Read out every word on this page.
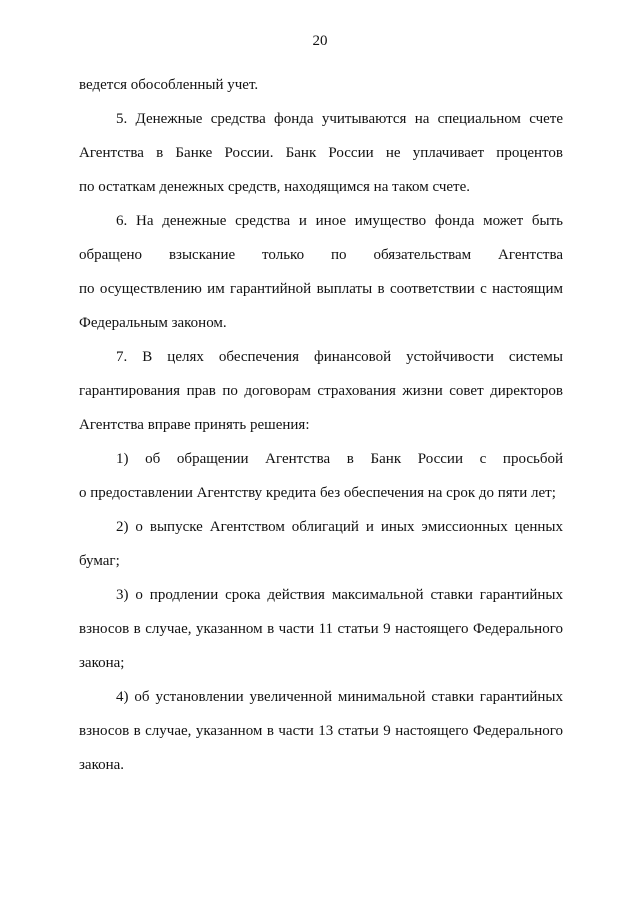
20

ведется обособленный учет.

5. Денежные средства фонда учитываются на специальном счете
Агентства в Банке России. Банк России не уплачивает процентов
по остаткам денежных средств, находящимся на таком счете.

6. На денежные средства и иное имущество фонда может быть
обращено взыскание только по обязательствам Агентства
по осуществлению им гарантийной выплаты в соответствии с настоящим
Федеральным законом.

7. В целях обеспечения финансовой устойчивости системы
гарантирования прав по договорам страхования жизни совет директоров
Агентства вправе принять решения:

1) об обращении Агентства в Банк России с просьбой
о предоставлении Агентству кредита без обеспечения на срок до пяти лет;

2) о выпуске Агентством облигаций и иных эмиссионных ценных
бумаг;

3) о продлении срока действия максимальной ставки гарантийных
взносов в случае, указанном в части 11 статьи 9 настоящего Федерального
закона;

4) об установлении увеличенной минимальной ставки гарантийных
взносов в случае, указанном в части 13 статьи 9 настоящего Федерального
закона.
